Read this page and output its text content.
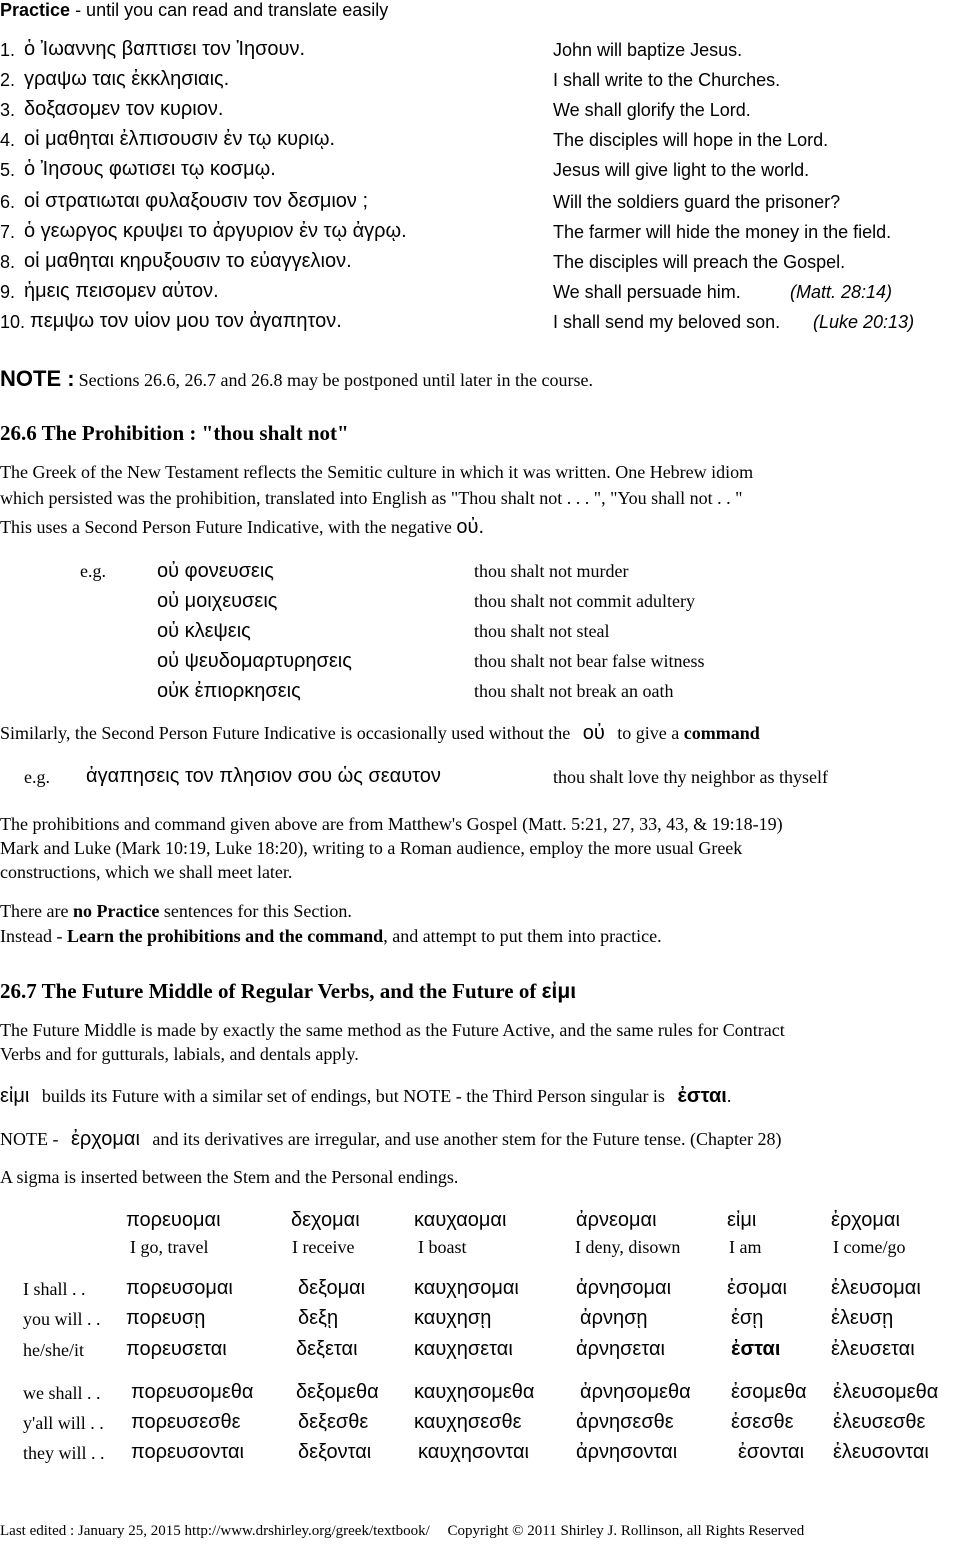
Practice - until you can read and translate easily
1. ὁ Ἰωαννης βαπτισει τον Ἰησουν.	John will baptize Jesus.
2. γραψω ταις ἐκκλησιαις.	I shall write to the Churches.
3. δοξασομεν τον κυριον.	We shall glorify the Lord.
4. οἱ μαθηται ἐλπισουσιν ἐν τῳ κυριῳ.	The disciples will hope in the Lord.
5. ὁ Ἰησους φωτισει τῳ κοσμῳ.	Jesus will give light to the world.
6. οἱ στρατιωται φυλαξουσιν τον δεσμιον ;	Will the soldiers guard the prisoner?
7. ὁ γεωργος κρυψει το ἀργυριον ἐν τῳ ἀγρῳ.	The farmer will hide the money in the field.
8. οἱ μαθηται κηρυξουσιν το εὐαγγελιον.	The disciples will preach the Gospel.
9. ἡμεις πεισομεν αὐτον.	We shall persuade him.	(Matt. 28:14)
10. πεμψω τον υἱον μου τον ἀγαπητον.	I shall send my beloved son. (Luke 20:13)
NOTE : Sections 26.6, 26.7 and 26.8 may be postponed until later in the course.
26.6 The Prohibition : "thou shalt not"
The Greek of the New Testament reflects the Semitic culture in which it was written. One Hebrew idiom
which persisted was the prohibition, translated into English as "Thou shalt not . . . ", "You shall not . . "
This uses a Second Person Future Indicative, with the negative οὐ.
e.g.	οὐ φονευσεις	thou shalt not murder
οὐ μοιχευσεις	thou shalt not commit adultery
οὐ κλεψεις	thou shalt not steal
οὐ ψευδομαρτυρησεις	thou shalt not bear false witness
οὐκ ἐπιορκησεις	thou shalt not break an oath
Similarly, the Second Person Future Indicative is occasionally used without the οὐ to give a command
e.g. ἀγαπησεις τον πλησιον σου ὡς σεαυτον	thou shalt love thy neighbor as thyself
The prohibitions and command given above are from Matthew's Gospel (Matt. 5:21, 27, 33, 43, & 19:18-19)
Mark and Luke (Mark 10:19, Luke 18:20), writing to a Roman audience, employ the more usual Greek
constructions, which we shall meet later.
There are no Practice sentences for this Section.
Instead - Learn the prohibitions and the command, and attempt to put them into practice.
26.7 The Future Middle of Regular Verbs, and the Future of εἰμι
The Future Middle is made by exactly the same method as the Future Active, and the same rules for Contract
Verbs and for gutturals, labials, and dentals apply.
εἰμι builds its Future with a similar set of endings, but NOTE - the Third Person singular is ἐσται.
NOTE - ἐρχομαι and its derivatives are irregular, and use another stem for the Future tense. (Chapter 28)
A sigma is inserted between the Stem and the Personal endings.
πορευομαι	δεχομαι	καυχαομαι	ἀρνεομαι	εἰμι	ἐρχομαι
I go, travel	I receive	I boast	I deny, disown	I am	I come/go
I shall . . πορευσομαι	δεξομαι καυχησομαι	ἀρνησομαι	ἐσομαι ἐλευσομαι
you will . . πορευσῃ	δεξῃ	καυχησῃ	ἀρνησῃ	ἐσῃ	ἐλευσῃ
he/she/it πορευσεται	δεξεται	καυχησεται	ἀρνησεται	ἐσται	ἐλευσεται
we shall . . πορευσομεθα δεξομεθα καυχησομεθα ἀρνησομεθα ἐσομεθα ἐλευσομεθα
y'all will . . πορευσεσθε	δεξεσθε καυχησεσθε	ἀρνησεσθε	ἐσεσθε ἐλευσεσθε
they will . . πορευσονται	δεξονται καυχησονται ἀρνησονται	ἐσονται ἐλευσονται
Last edited : January 25, 2015 http://www.drshirley.org/greek/textbook/ Copyright © 2011 Shirley J. Rollinson, all Rights Reserved
